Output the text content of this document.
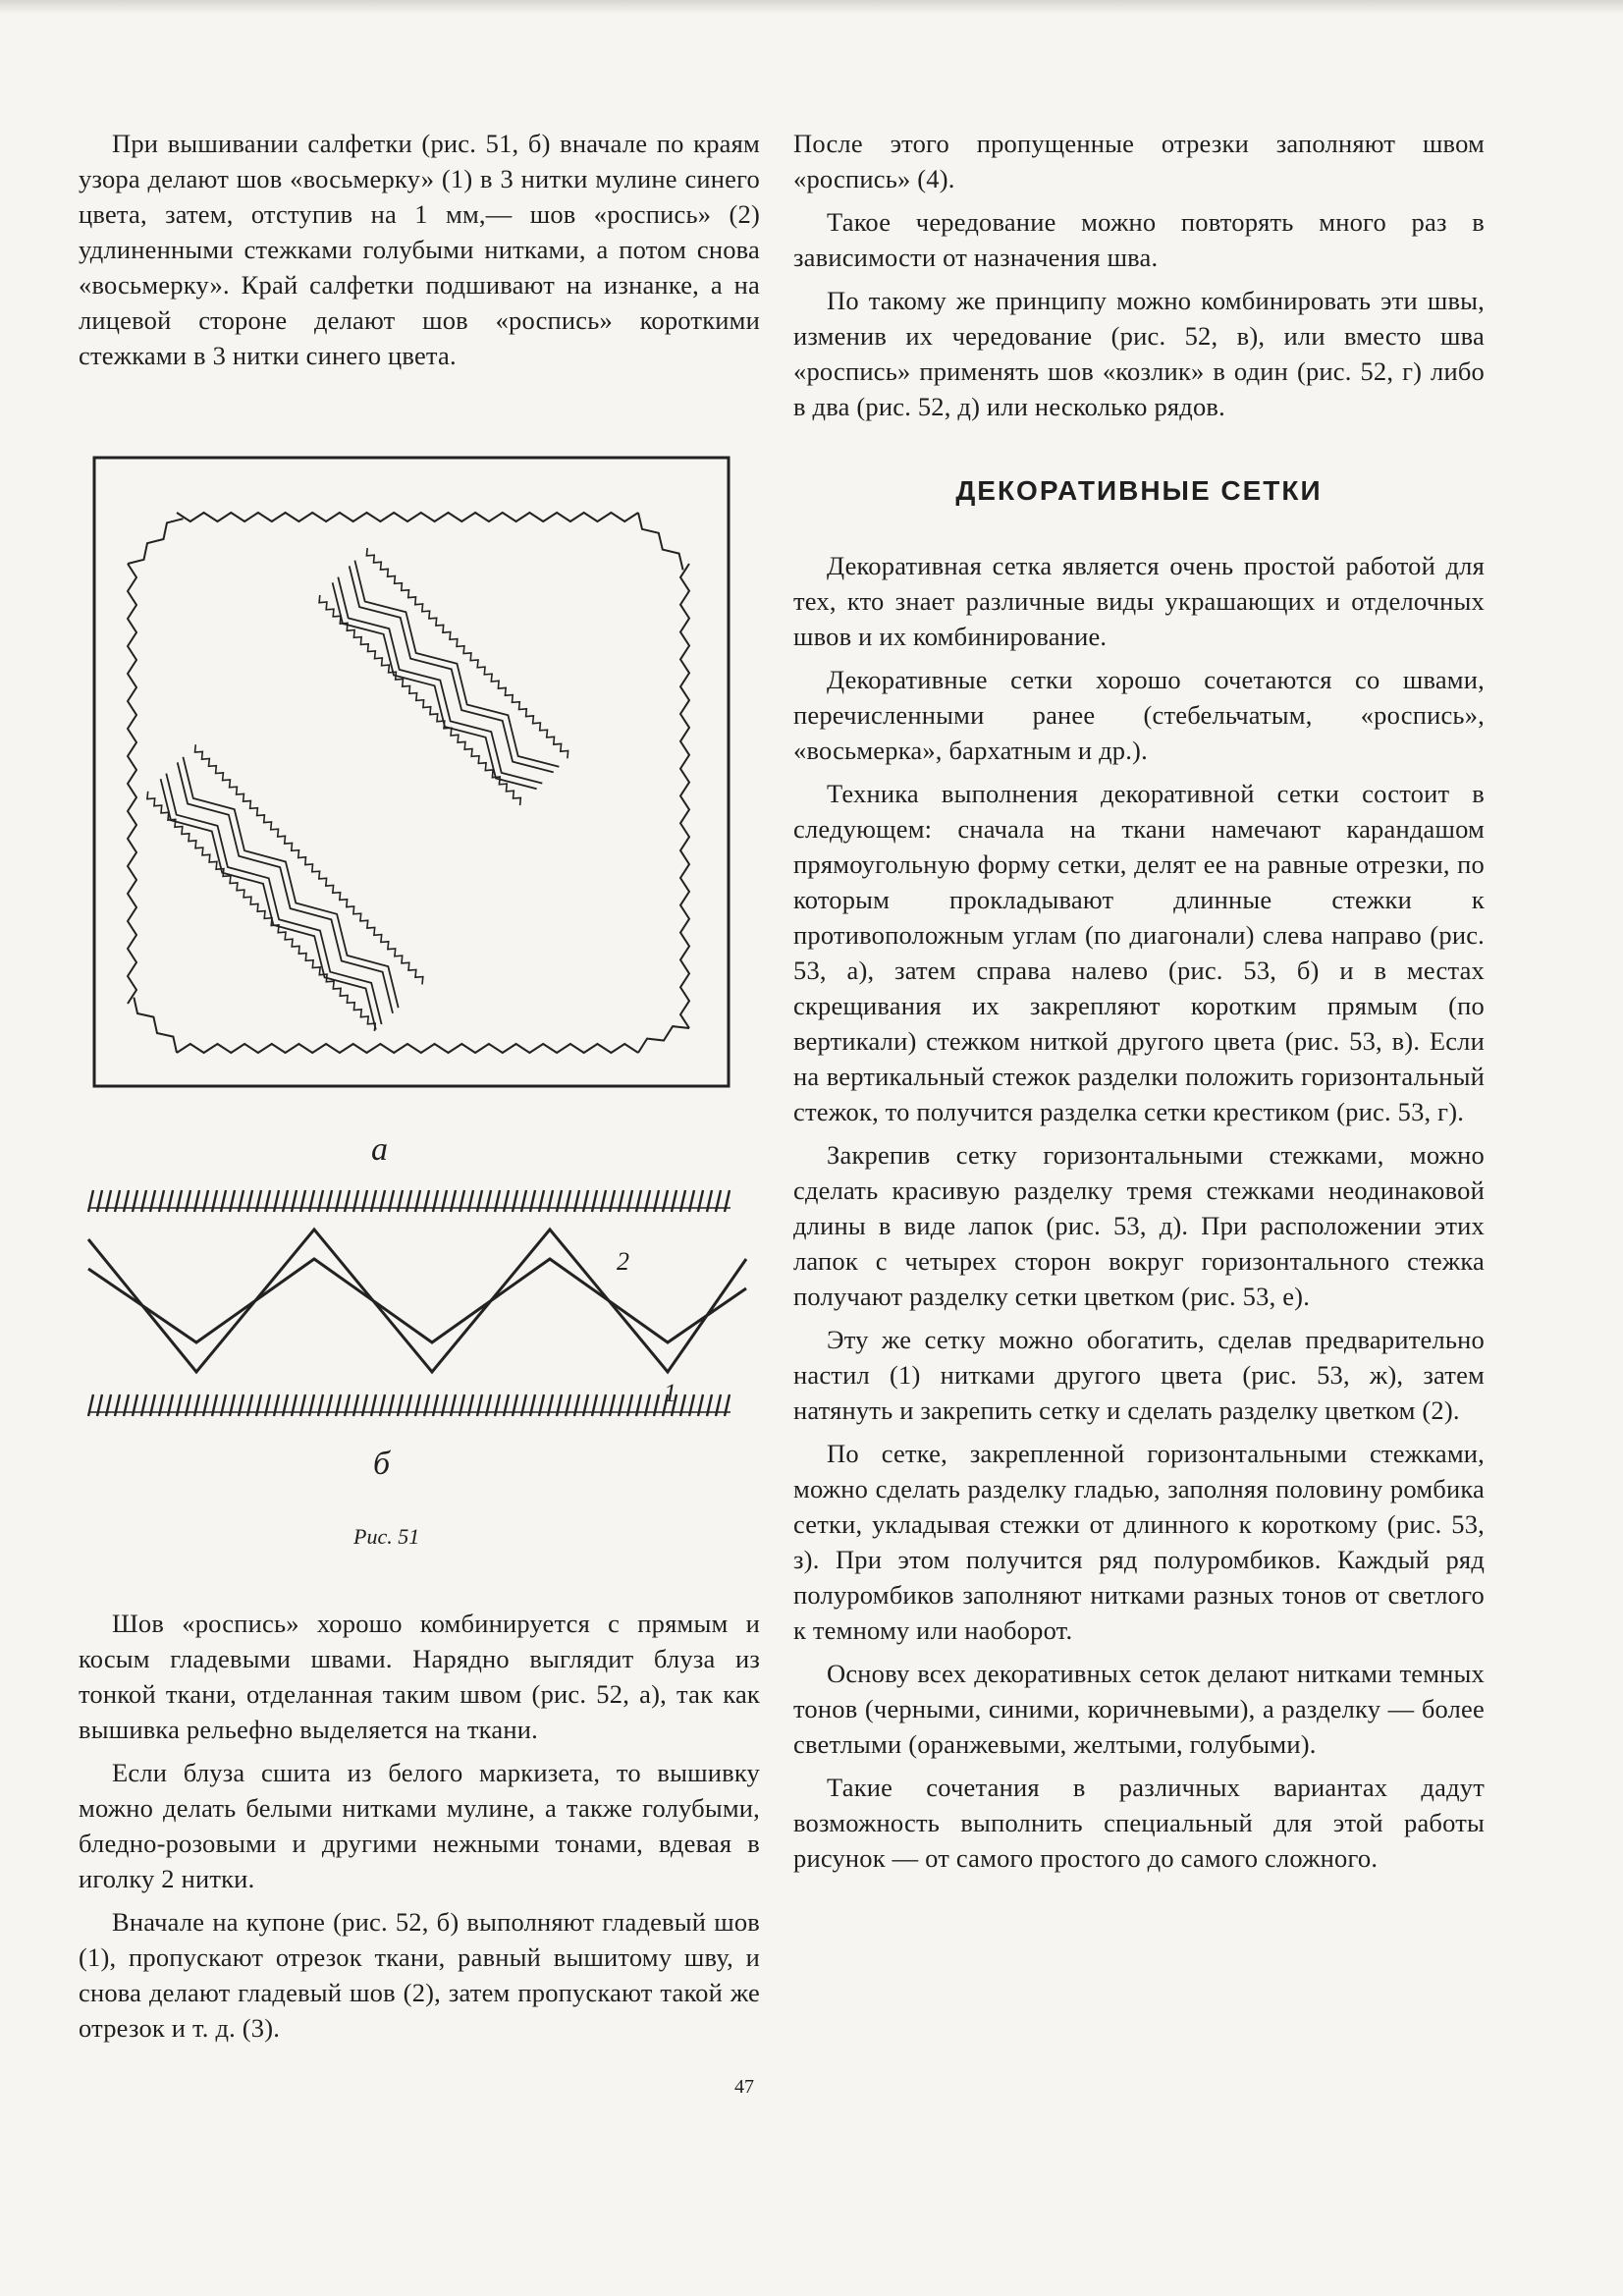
При вышивании салфетки (рис. 51, б) вначале по краям узора делают шов «восьмерку» (1) в 3 нитки мулине синего цвета, затем, отступив на 1 мм,— шов «роспись» (2) удлиненными стежками голубыми нитками, а потом снова «восьмерку». Край салфетки подшивают на изнанке, а на лицевой стороне делают шов «роспись» короткими стежками в 3 нитки синего цвета.

а
б
2
1
Рис. 51

Шов «роспись» хорошо комбинируется с прямым и косым гладевыми швами. Нарядно выглядит блуза из тонкой ткани, отделанная таким швом (рис. 52, а), так как вышивка рельефно выделяется на ткани.

Если блуза сшита из белого маркизета, то вышивку можно делать белыми нитками мулине, а также голубыми, бледно-розовыми и другими нежными тонами, вдевая в иголку 2 нитки.

Вначале на купоне (рис. 52, б) выполняют гладевый шов (1), пропускают отрезок ткани, равный вышитому шву, и снова делают гладевый шов (2), затем пропускают такой же отрезок и т. д. (3).

После этого пропущенные отрезки заполняют швом «роспись» (4).

Такое чередование можно повторять много раз в зависимости от назначения шва.

По такому же принципу можно комбинировать эти швы, изменив их чередование (рис. 52, в), или вместо шва «роспись» применять шов «козлик» в один (рис. 52, г) либо в два (рис. 52, д) или несколько рядов.

ДЕКОРАТИВНЫЕ СЕТКИ

Декоративная сетка является очень простой работой для тех, кто знает различные виды украшающих и отделочных швов и их комбинирование.

Декоративные сетки хорошо сочетаются со швами, перечисленными ранее (стебельчатым, «роспись», «восьмерка», бархатным и др.).

Техника выполнения декоративной сетки состоит в следующем: сначала на ткани намечают карандашом прямоугольную форму сетки, делят ее на равные отрезки, по которым прокладывают длинные стежки к противоположным углам (по диагонали) слева направо (рис. 53, а), затем справа налево (рис. 53, б) и в местах скрещивания их закрепляют коротким прямым (по вертикали) стежком ниткой другого цвета (рис. 53, в). Если на вертикальный стежок разделки положить горизонтальный стежок, то получится разделка сетки крестиком (рис. 53, г).

Закрепив сетку горизонтальными стежками, можно сделать красивую разделку тремя стежками неодинаковой длины в виде лапок (рис. 53, д). При расположении этих лапок с четырех сторон вокруг горизонтального стежка получают разделку сетки цветком (рис. 53, е).

Эту же сетку можно обогатить, сделав предварительно настил (1) нитками другого цвета (рис. 53, ж), затем натянуть и закрепить сетку и сделать разделку цветком (2).

По сетке, закрепленной горизонтальными стежками, можно сделать разделку гладью, заполняя половину ромбика сетки, укладывая стежки от длинного к короткому (рис. 53, з). При этом получится ряд полуромбиков. Каждый ряд полуромбиков заполняют нитками разных тонов от светлого к темному или наоборот.

Основу всех декоративных сеток делают нитками темных тонов (черными, синими, коричневыми), а разделку — более светлыми (оранжевыми, желтыми, голубыми).

Такие сочетания в различных вариантах дадут возможность выполнить специальный для этой работы рисунок — от самого простого до самого сложного.

47
